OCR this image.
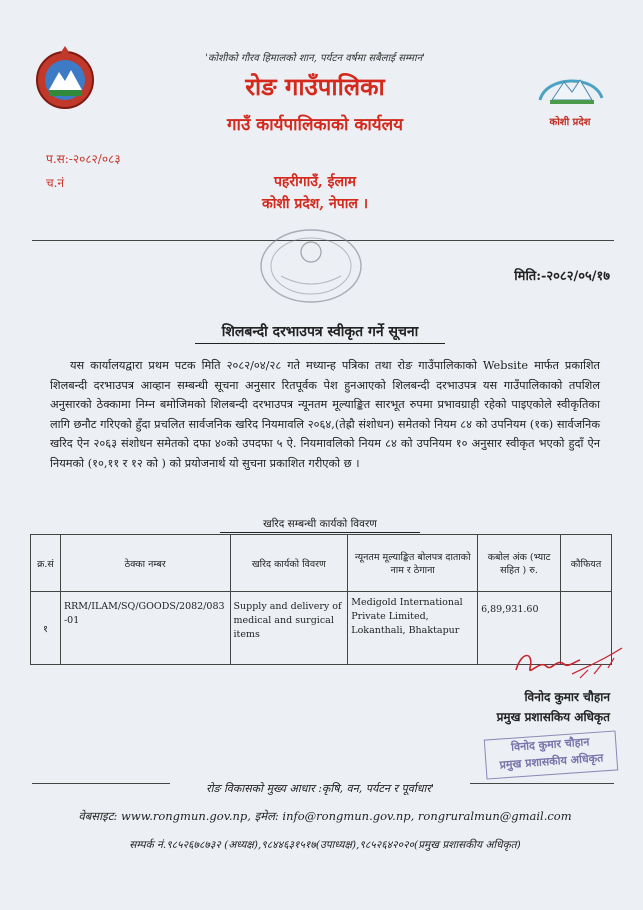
कोशी प्रदेश
'कोशीको गौरव हिमालको शान, पर्यटन वर्षमा सबैलाई सम्मान'
रोङ गाउँपालिका
गाउँ कार्यपालिकाको कार्यलय
प.स:-२०८२/०८३
च.नं	पहरीगाउँ, ईलाम
कोशी प्रदेश, नेपाल ।
मिति:-२०८२/०५/१७
शिलबन्दी दरभाउपत्र स्वीकृत गर्ने सूचना
यस कार्यालयद्वारा प्रथम पटक मिति २०८२/०४/२८ गते मध्यान्ह पत्रिका तथा रोङ गाउँपालिकाको Website मार्फत प्रकाशित शिलबन्दी दरभाउपत्र आव्हान सम्बन्धी सूचना अनुसार रितपूर्वक पेश हुनआएको शिलबन्दी दरभाउपत्र यस गाउँपालिकाको तपशिल अनुसारको ठेक्कामा निम्न बमोजिमको शिलबन्दी दरभाउपत्र न्यूनतम मूल्याङ्कित सारभूत रुपमा प्रभावग्राही रहेको पाइएकोले स्वीकृतिका लागि छनौट गरिएको हुँदा प्रचलित सार्वजनिक खरिद नियमावलि २०६४,(तेह्रौ संशोधन) समेतको नियम ८४ को उपनियम (१क) सार्वजनिक खरिद ऐन २०६३ संशोधन समेतको दफा ४०को उपदफा ५ ऐ. नियमावलिको नियम ८४ को उपनियम १० अनुसार स्वीकृत भएको हुदाँ ऐन नियमको (१०,११ र १२ को ) को प्रयोजनार्थ यो सुचना प्रकाशित गरीएको छ ।
खरिद सम्बन्धी कार्यको विवरण
क्र.सं	ठेक्का नम्बर	खरिद कार्यको विवरण	न्यूनतम मूल्याङ्कित बोलपत्र दाताको नाम र ठेगाना	कबोल अंक (भ्याट सहित ) रु.	कौफियत
१	RRM/ILAM/SQ/GOODS/2082/083-01	Supply and delivery of medical and surgical items	Medigold International Private Limited, Lokanthali, Bhaktapur	6,89,931.60	
विनोद कुमार चौहान
प्रमुख प्रशासकिय अधिकृत
विनोद कुमार चौहान
प्रमुख प्रशासकीय अधिकृत
रोङ विकासको मुख्य आधार :कृषि, वन, पर्यटन र पूर्वाधार'
वेबसाइट: www.rongmun.gov.np, इमेल: info@rongmun.gov.np, rongruralmun@gmail.com
सम्पर्क नं.९८५२६७८७३२ (अध्यक्ष),९८४४६३१५१७(उपाध्यक्ष),९८५२६४२०२०(प्रमुख प्रशासकीय अधिकृत)
